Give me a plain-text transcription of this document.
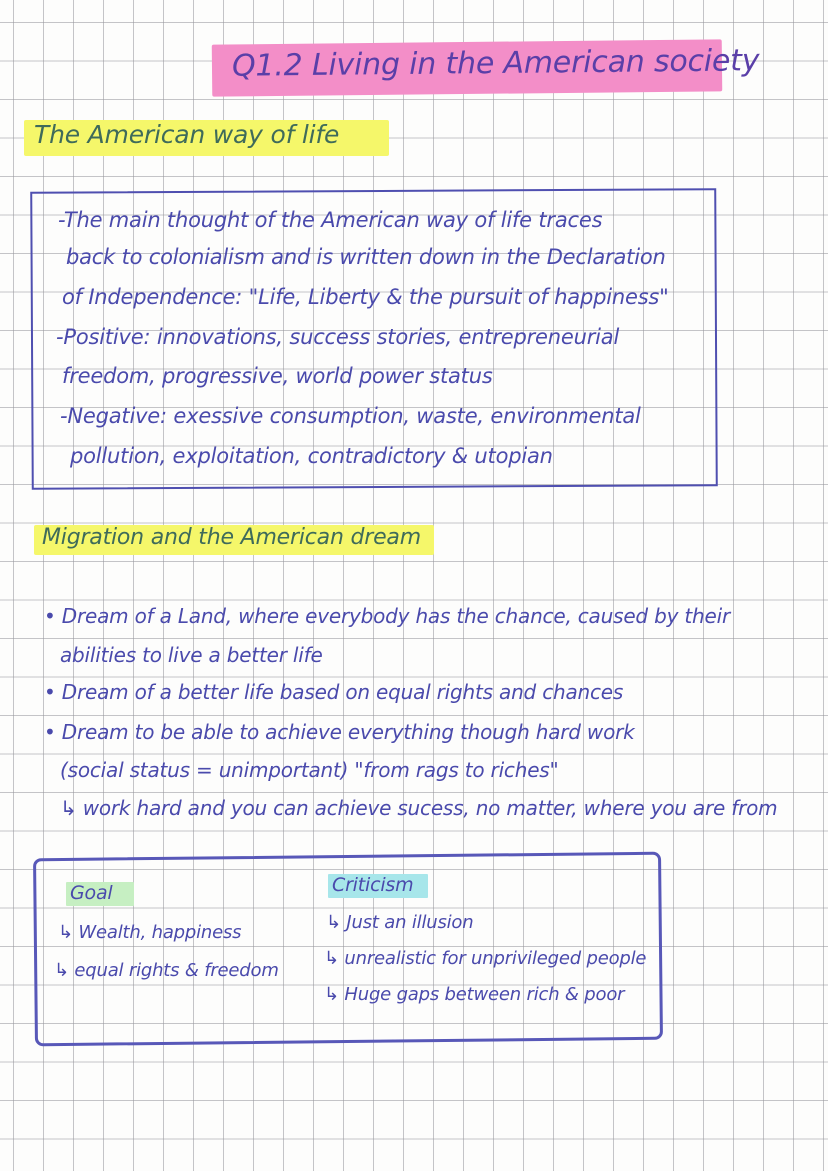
Q1.2 Living in the American society
The American way of life
-The main thought of the American way of life traces
back to colonialism and is written down in the Declaration
of Independence: "Life, Liberty & the pursuit of happiness"
-Positive: innovations, success stories, entrepreneurial
freedom, progressive, world power status
-Negative: exessive consumption, waste, environmental
pollution, exploitation, contradictory & utopian
Migration and the American dream
• Dream of a Land, where everybody has the chance, caused by their
abilities to live a better life
• Dream of a better life based on equal rights and chances
• Dream to be able to achieve everything though hard work
(social status = unimportant) "from rags to riches"
↳ work hard and you can achieve sucess, no matter, where you are from
Goal
↳ Wealth, happiness
↳ equal rights & freedom
Criticism
↳ Just an illusion
↳ unrealistic for unprivileged people
↳ Huge gaps between rich & poor
